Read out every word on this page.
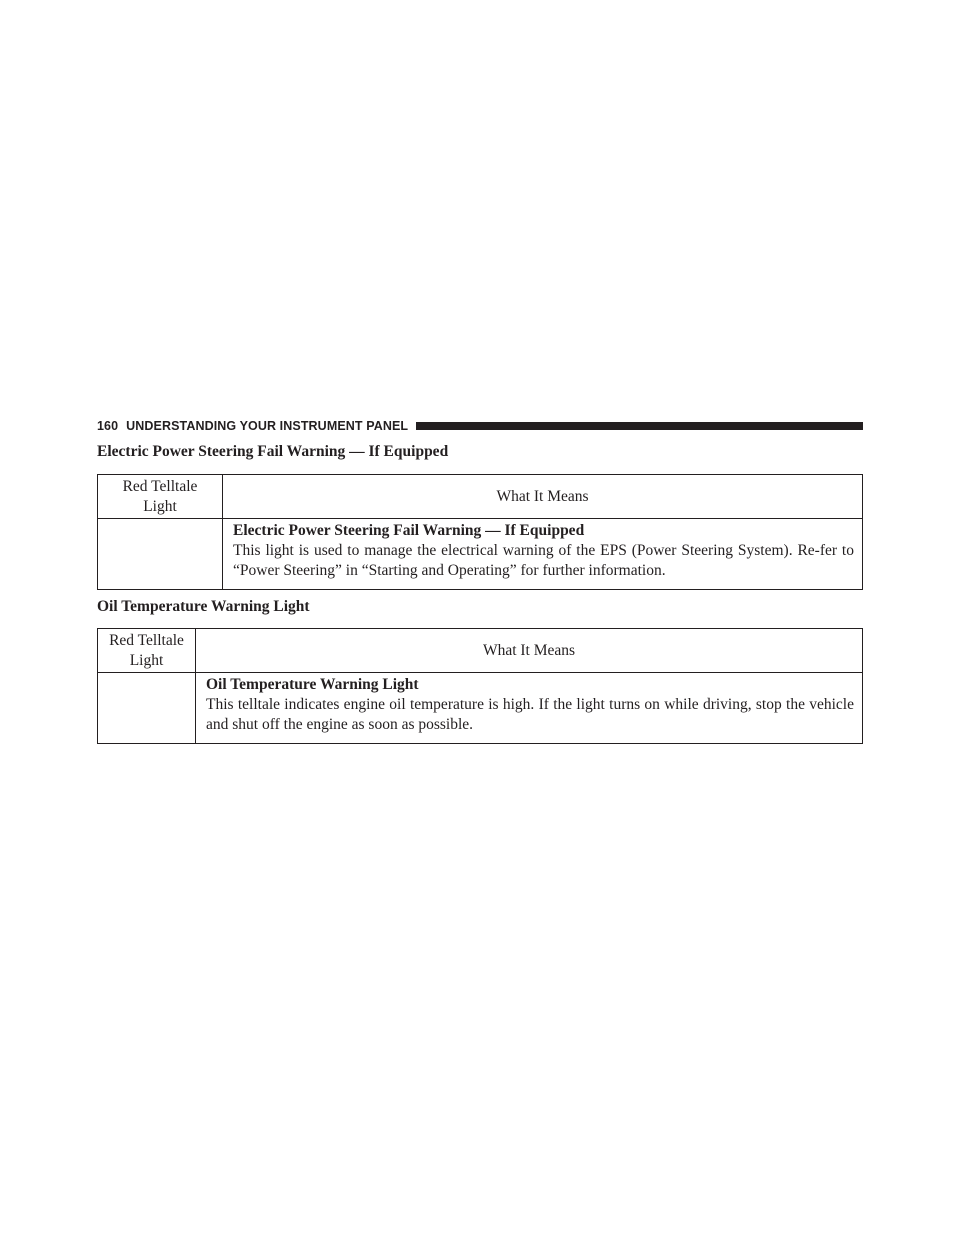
160 UNDERSTANDING YOUR INSTRUMENT PANEL
Electric Power Steering Fail Warning — If Equipped
Red Telltale
Light	What It Means

	Electric Power Steering Fail Warning — If Equipped
This light is used to manage the electrical warning of the EPS (Power Steering System). Re-fer to “Power Steering” in “Starting and Operating” for further information.
Oil Temperature Warning Light
Red Telltale
Light	What It Means

	Oil Temperature Warning Light
This telltale indicates engine oil temperature is high. If the light turns on while driving, stop the vehicle and shut off the engine as soon as possible.
